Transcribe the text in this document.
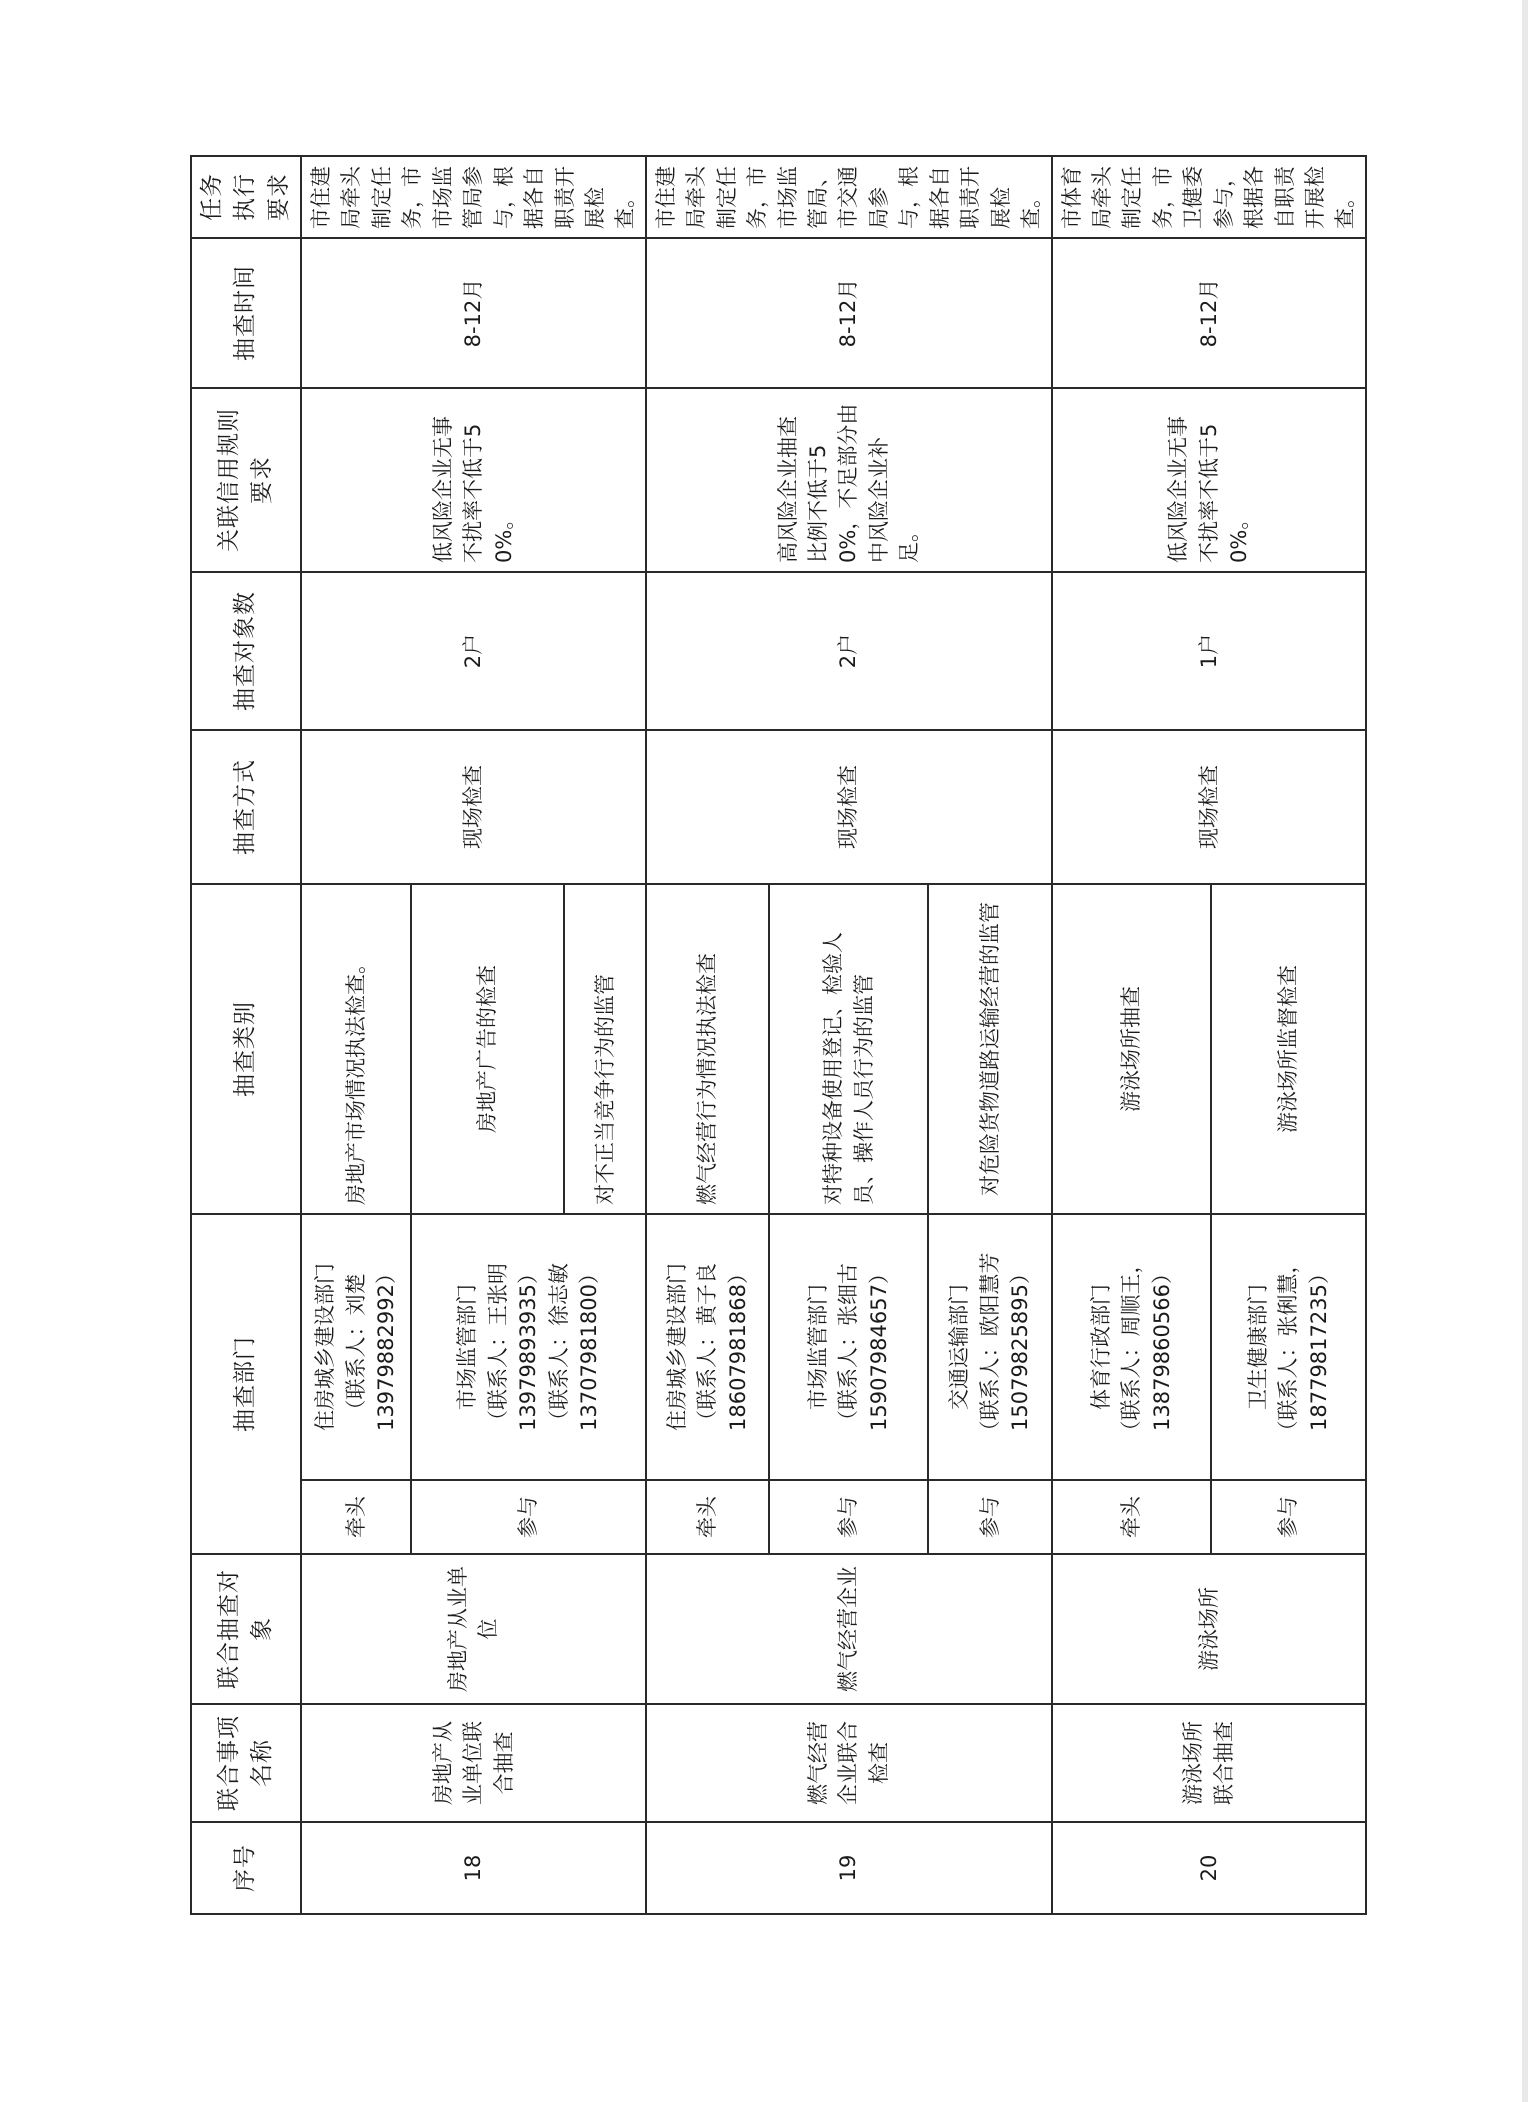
序号	联合事项名称	联合抽查对象	抽查部门		抽查类别	抽查方式	抽查对象数	关联信用规则要求	抽查时间	任务执行要求
18	房地产从业单位联合抽查	房地产从业单位	牵头	住房城乡建设部门 （联系人：刘楚 13979882992）	房地产市场情况执法检查。	现场检查	2户	低风险企业无事不扰率不低于50%。	8-12月	市住建局牵头制定任务，市市场监管局参与，根据各自职责开展检查。
			参与	市场监管部门 （联系人：王张明 13979893935） （联系人：徐志敏 13707981800）	房地产广告的检查					
					对不正当竞争行为的监管					
19	燃气经营企业联合检查	燃气经营企业	牵头	住房城乡建设部门 （联系人：黄子良 18607981868）	燃气经营行为情况执法检查	现场检查	2户	高风险企业抽查比例不低于50%，不足部分由中风险企业补足。	8-12月	市住建局牵头制定任务，市市场监管局、市交通局参与，根据各自职责开展检查。
			参与	市场监管部门 （联系人：张细古 15907984657）	对特种设备使用登记、检验人员、操作人员行为的监管					
			参与	交通运输部门 （联系人：欧阳慧芳 15079825895）	对危险货物道路运输经营的监管					
20	游泳场所联合抽查	游泳场所	牵头	体育行政部门 （联系人：周顺王， 13879860566）	游泳场所抽查	现场检查	1户	低风险企业无事不扰率不低于50%。	8-12月	市体育局牵头制定任务，市卫健委参与，根据各自职责开展检查。
			参与	卫生健康部门 （联系人：张俐慧， 18779817235）	游泳场所监督检查					
